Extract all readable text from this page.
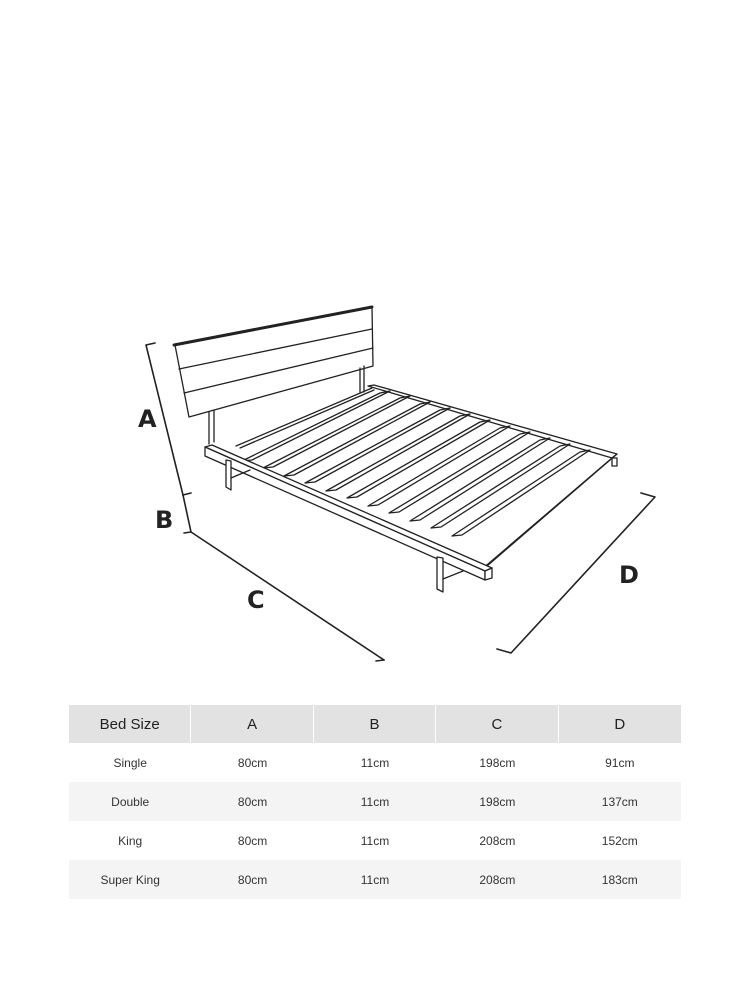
A
B
C
D
Bed Size	A	B	C	D
Single	80cm	11cm	198cm	91cm
Double	80cm	11cm	198cm	137cm
King	80cm	11cm	208cm	152cm
Super King	80cm	11cm	208cm	183cm
